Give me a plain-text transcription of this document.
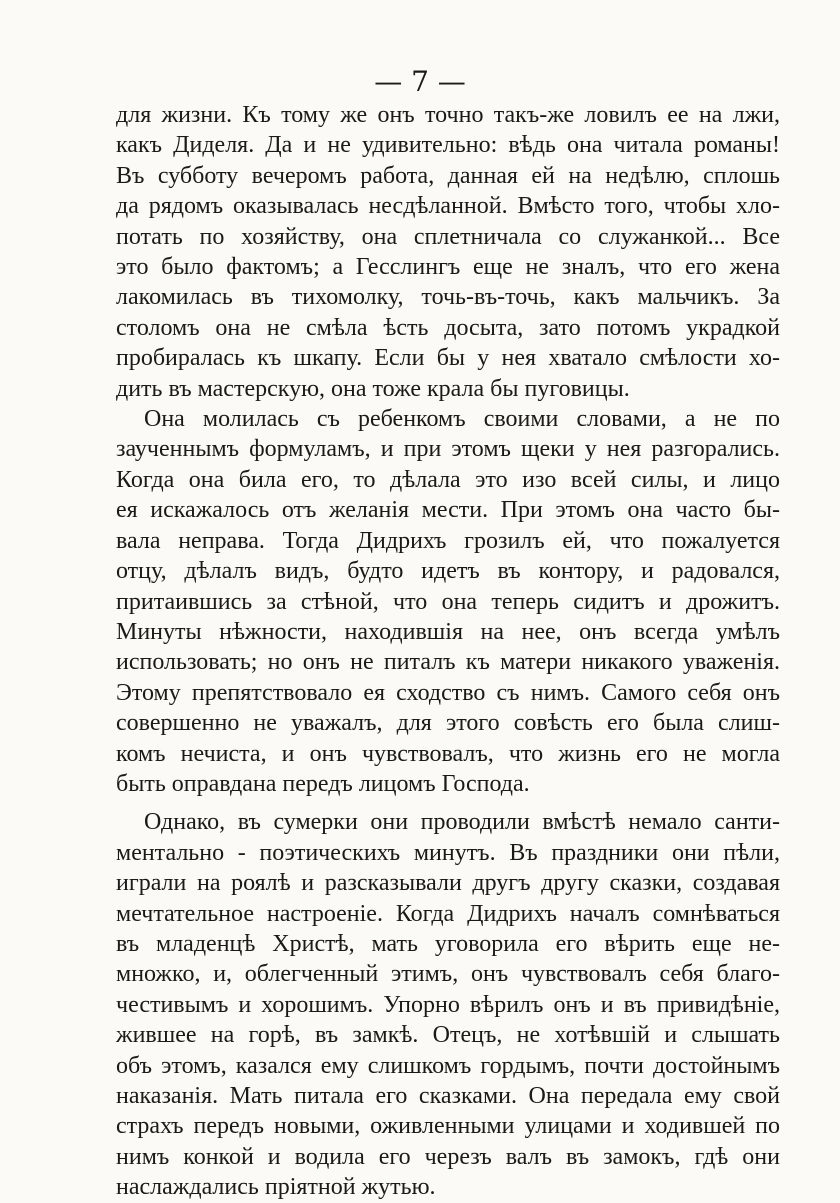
— 7 —

для жизни. Къ тому же онъ точно такъ-же ловилъ ее на лжи,
какъ Диделя. Да и не удивительно: вѣдь она читала романы!
Въ субботу вечеромъ работа, данная ей на недѣлю, сплошь
да рядомъ оказывалась несдѣланной. Вмѣсто того, чтобы хло-
потать по хозяйству, она сплетничала со служанкой... Все
это было фактомъ; а Гесслингъ еще не зналъ, что его жена
лакомилась въ тихомолку, точь-въ-точь, какъ мальчикъ. За
столомъ она не смѣла ѣсть досыта, зато потомъ украдкой
пробиралась къ шкапу. Если бы у нея хватало смѣлости хо-
дить въ мастерскую, она тоже крала бы пуговицы.

Она молилась съ ребенкомъ своими словами, а не по
заученнымъ формуламъ, и при этомъ щеки у нея разгорались.
Когда она била его, то дѣлала это изо всей силы, и лицо
ея искажалось отъ желанія мести. При этомъ она часто бы-
вала неправа. Тогда Дидрихъ грозилъ ей, что пожалуется
отцу, дѣлалъ видъ, будто идетъ въ контору, и радовался,
притаившись за стѣной, что она теперь сидитъ и дрожитъ.
Минуты нѣжности, находившія на нее, онъ всегда умѣлъ
использовать; но онъ не питалъ къ матери никакого уваженія.
Этому препятствовало ея сходство съ нимъ. Самого себя онъ
совершенно не уважалъ, для этого совѣсть его была слиш-
комъ нечиста, и онъ чувствовалъ, что жизнь его не могла
быть оправдана передъ лицомъ Господа.

Однако, въ сумерки они проводили вмѣстѣ немало санти-
ментально - поэтическихъ минутъ. Въ праздники они пѣли,
играли на роялѣ и разсказывали другъ другу сказки, создавая
мечтательное настроеніе. Когда Дидрихъ началъ сомнѣваться
въ младенцѣ Христѣ, мать уговорила его вѣрить еще не-
множко, и, облегченный этимъ, онъ чувствовалъ себя благо-
честивымъ и хорошимъ. Упорно вѣрилъ онъ и въ привидѣніе,
жившее на горѣ, въ замкѣ. Отецъ, не хотѣвшій и слышать
объ этомъ, казался ему слишкомъ гордымъ, почти достойнымъ
наказанія. Мать питала его сказками. Она передала ему свой
страхъ передъ новыми, оживленными улицами и ходившей по
нимъ конкой и водила его черезъ валъ въ замокъ, гдѣ они
наслаждались пріятной жутью.
